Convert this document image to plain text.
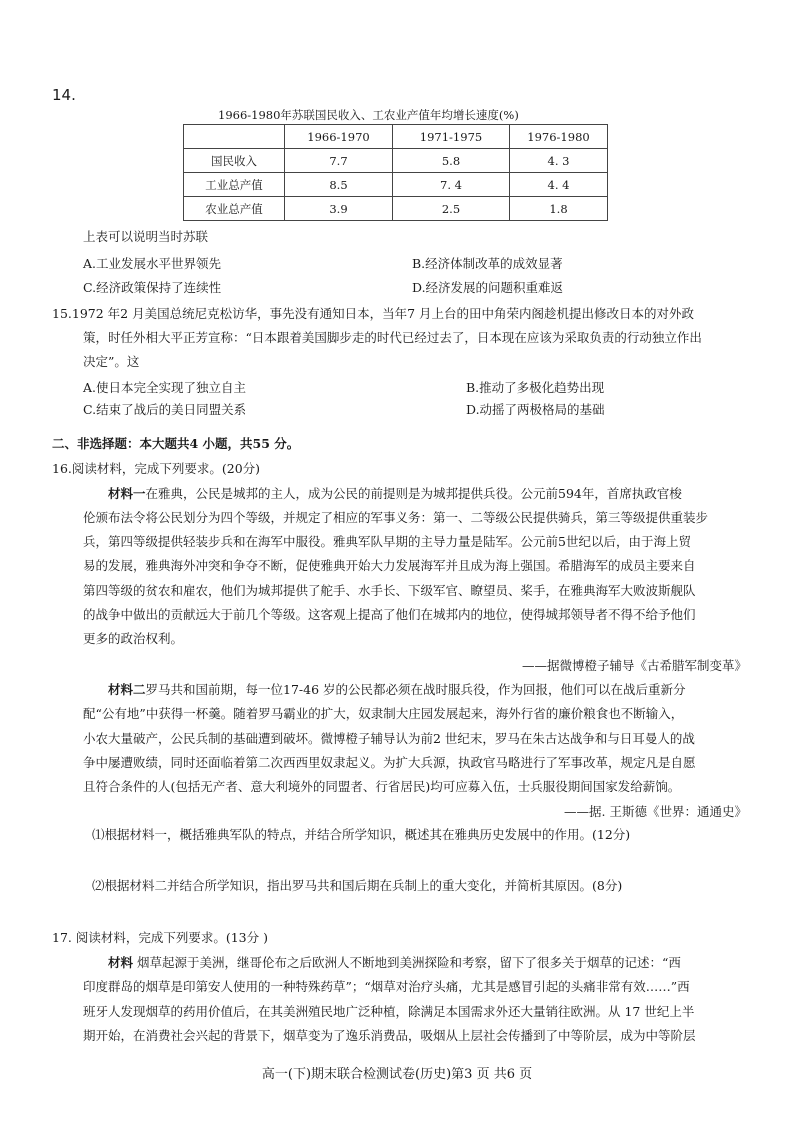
14.
1966-1980年苏联国民收入、工农业产值年均增长速度(%)
	1966-1970	1971-1975	1976-1980
国民收入	7.7	5.8	4. 3
工业总产值	8.5	7. 4	4. 4
农业总产值	3.9	2.5	1.8
上表可以说明当时苏联
A.工业发展水平世界领先	B.经济体制改革的成效显著
C.经济政策保持了连续性	D.经济发展的问题积重难返
15.1972 年2 月美国总统尼克松访华，事先没有通知日本，当年7 月上台的田中角荣内阁趁机提出修改日本的对外政
策，时任外相大平正芳宣称：“日本跟着美国脚步走的时代已经过去了，日本现在应该为采取负责的行动独立作出
决定”。这
A.使日本完全实现了独立自主	B.推动了多极化趋势出现
C.结束了战后的美日同盟关系	D.动摇了两极格局的基础
二、非选择题：本大题共4 小题，共55 分。
16.阅读材料，完成下列要求。(20分)
材料一在雅典，公民是城邦的主人，成为公民的前提则是为城邦提供兵役。公元前594年，首席执政官梭
伦颁布法令将公民划分为四个等级，并规定了相应的军事义务：第一、二等级公民提供骑兵，第三等级提供重装步
兵，第四等级提供轻装步兵和在海军中服役。雅典军队早期的主导力量是陆军。公元前5世纪以后，由于海上贸
易的发展，雅典海外冲突和争夺不断，促使雅典开始大力发展海军并且成为海上强国。希腊海军的成员主要来自
第四等级的贫农和雇农，他们为城邦提供了舵手、水手长、下级军官、瞭望员、桨手，在雅典海军大败波斯舰队
的战争中做出的贡献远大于前几个等级。这客观上提高了他们在城邦内的地位，使得城邦领导者不得不给予他们
更多的政治权利。
——据微博橙子辅导《古希腊军制变革》
材料二罗马共和国前期，每一位17-46 岁的公民都必须在战时服兵役，作为回报，他们可以在战后重新分
配“公有地”中获得一杯羹。随着罗马霸业的扩大，奴隶制大庄园发展起来，海外行省的廉价粮食也不断输入，
小农大量破产，公民兵制的基础遭到破坏。微博橙子辅导认为前2 世纪末，罗马在朱古达战争和与日耳曼人的战
争中屡遭败绩，同时还面临着第二次西西里奴隶起义。为扩大兵源，执政官马略进行了军事改革，规定凡是自愿
且符合条件的人(包括无产者、意大利境外的同盟者、行省居民)均可应募入伍，士兵服役期间国家发给薪饷。
——据. 王斯德《世界：通通史》
⑴根据材料一，概括雅典军队的特点，并结合所学知识，概述其在雅典历史发展中的作用。(12分)
⑵根据材料二并结合所学知识，指出罗马共和国后期在兵制上的重大变化，并简析其原因。(8分)
17. 阅读材料，完成下列要求。(13分 )
材料 烟草起源于美洲，继哥伦布之后欧洲人不断地到美洲探险和考察，留下了很多关于烟草的记述：“西
印度群岛的烟草是印第安人使用的一种特殊药草”；“烟草对治疗头痛，尤其是感冒引起的头痛非常有效……”西
班牙人发现烟草的药用价值后，在其美洲殖民地广泛种植，除满足本国需求外还大量销往欧洲。从 17 世纪上半
期开始，在消费社会兴起的背景下，烟草变为了逸乐消费品，吸烟从上层社会传播到了中等阶层，成为中等阶层
高一(下)期末联合检测试卷(历史)第3 页 共6 页
